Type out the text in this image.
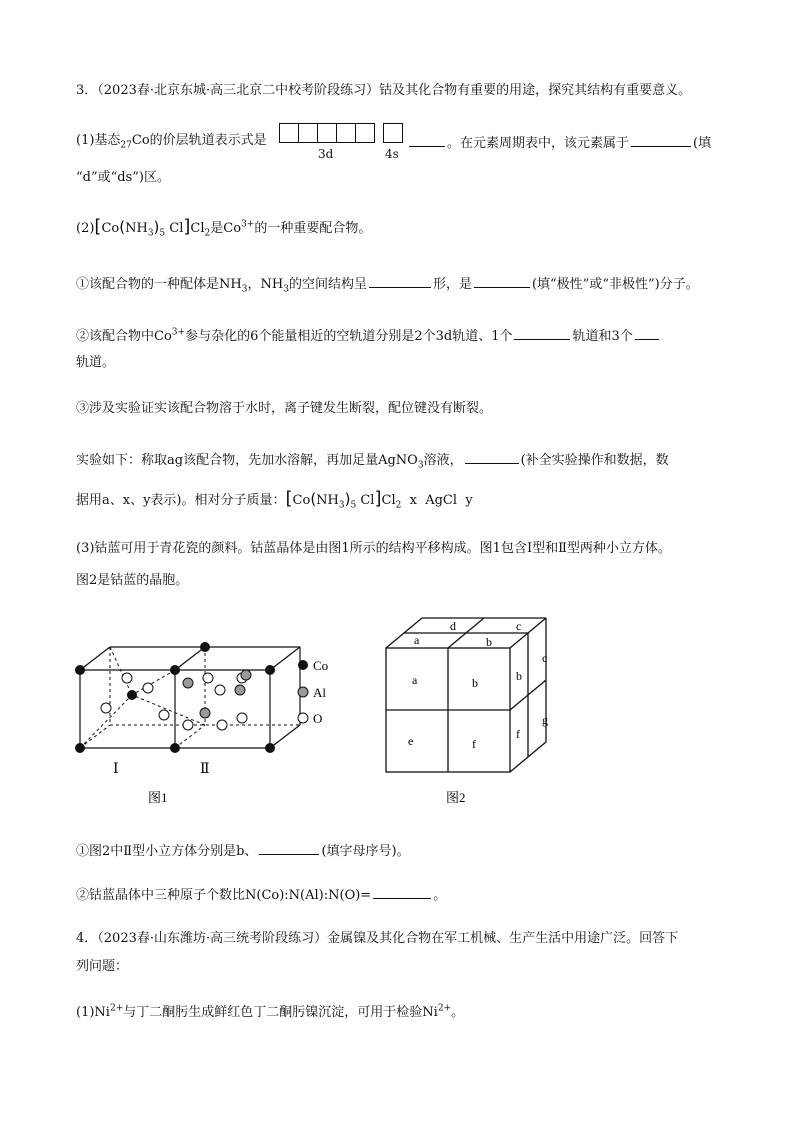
3．（2023春·北京东城·高三北京二中校考阶段练习）钴及其化合物有重要的用途，探究其结构有重要意义。
(1)基态$_{27}$Co的价层轨道表示式是
3d	4s
。在元素周期表中，该元素属于	(填
“d”或“ds”)区。
$(2)[Co(NH_3)_5$ $Cl]Cl_2$是$Co^{3+}$的一种重要配合物。
①该配合物的一种配体是$NH_3$，$NH_3$的空间结构呈	形，是	(填“极性”或“非极性”)分子。
②该配合物中$Co^{3+}$参与杂化的6个能量相近的空轨道分别是2个3d轨道、1个	轨道和3个
轨道。
③涉及实验证实该配合物溶于水时，离子键发生断裂，配位键没有断裂。
实验如下：称取ag该配合物，先加水溶解，再加足量AgNO$_3$溶液，	(补全实验操作和数据，数
据用a、x、y表示)。相对分子质量：[$Co(NH_3)_5$ $Cl]Cl_2$ x AgCl y
(3)钴蓝可用于青花瓷的颜料。钴蓝晶体是由图1所示的结构平移构成。图1包含Ⅰ型和Ⅱ型两种小立方体。
图2是钴蓝的晶胞。
Co
Al
O
Ⅰ	Ⅱ
图1
d	c
a	b
a	b
e	f
b
c
f
g
图2
①图2中Ⅱ型小立方体分别是b、	(填字母序号)。
②钴蓝晶体中三种原子个数比N(Co):N(Al):N(O)=	。
4．（2023春·山东潍坊·高三统考阶段练习）金属镍及其化合物在军工机械、生产生活中用途广泛。回答下
列问题：
$(1)Ni^{2+}$与丁二酮肟生成鲜红色丁二酮肟镍沉淀，可用于检验$Ni^{2+}$。
